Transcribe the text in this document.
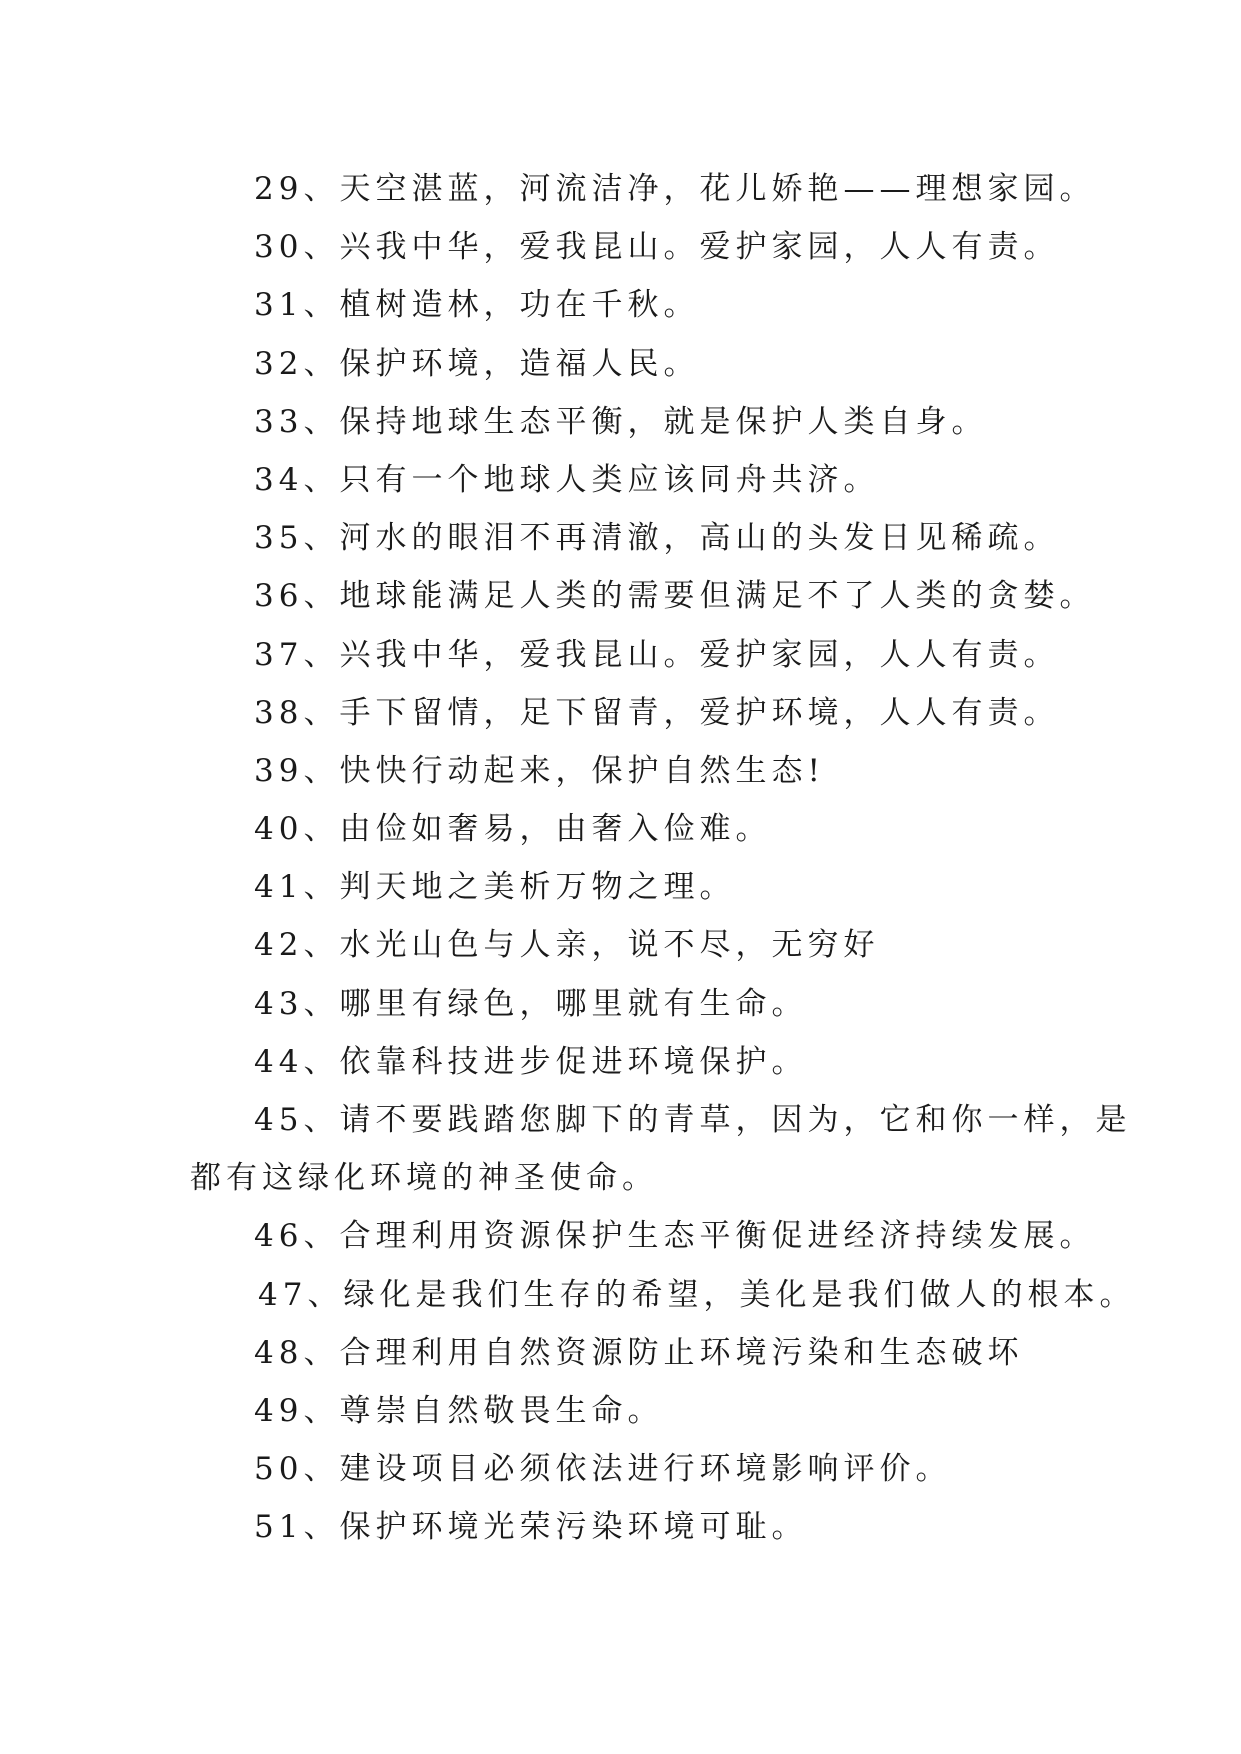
29、天空湛蓝，河流洁净，花儿娇艳——理想家园。
30、兴我中华，爱我昆山。爱护家园，人人有责。
31、植树造林，功在千秋。
32、保护环境，造福人民。
33、保持地球生态平衡，就是保护人类自身。
34、只有一个地球人类应该同舟共济。
35、河水的眼泪不再清澈，高山的头发日见稀疏。
36、地球能满足人类的需要但满足不了人类的贪婪。
37、兴我中华，爱我昆山。爱护家园，人人有责。
38、手下留情，足下留青，爱护环境，人人有责。
39、快快行动起来，保护自然生态!
40、由俭如奢易，由奢入俭难。
41、判天地之美析万物之理。
42、水光山色与人亲，说不尽，无穷好
43、哪里有绿色，哪里就有生命。
44、依靠科技进步促进环境保护。
45、请不要践踏您脚下的青草，因为，它和你一样，是
都有这绿化环境的神圣使命。
46、合理利用资源保护生态平衡促进经济持续发展。
47、绿化是我们生存的希望，美化是我们做人的根本。
48、合理利用自然资源防止环境污染和生态破坏
49、尊崇自然敬畏生命。
50、建设项目必须依法进行环境影响评价。
51、保护环境光荣污染环境可耻。
